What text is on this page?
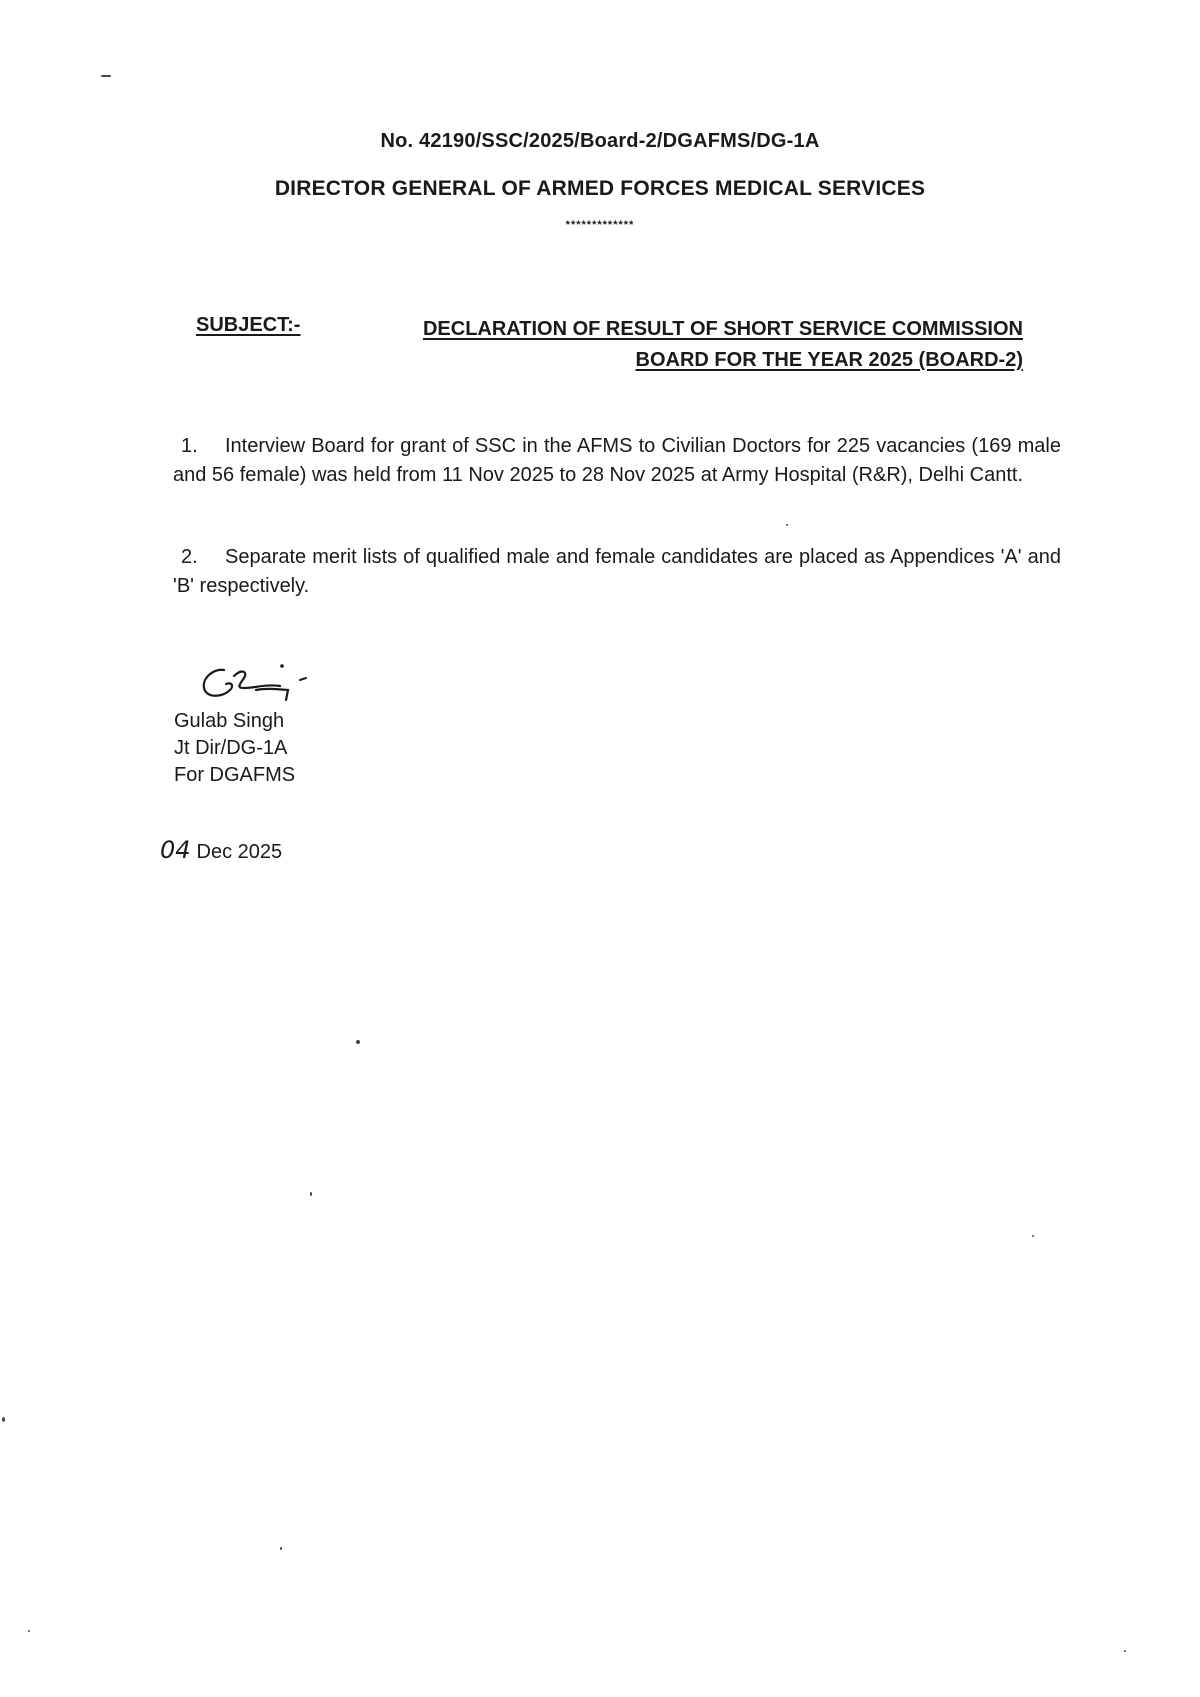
No. 42190/SSC/2025/Board-2/DGAFMS/DG-1A
DIRECTOR GENERAL OF ARMED FORCES MEDICAL SERVICES
*************
SUBJECT:-	DECLARATION OF RESULT OF SHORT SERVICE COMMISSION
BOARD FOR THE YEAR 2025 (BOARD-2)
1. Interview Board for grant of SSC in the AFMS to Civilian Doctors for 225 vacancies (169 male and 56 female) was held from 11 Nov 2025 to 28 Nov 2025 at Army Hospital (R&R), Delhi Cantt.
2. Separate merit lists of qualified male and female candidates are placed as Appendices 'A' and 'B' respectively.
Gulab Singh
Jt Dir/DG-1A
For DGAFMS
04 Dec 2025
